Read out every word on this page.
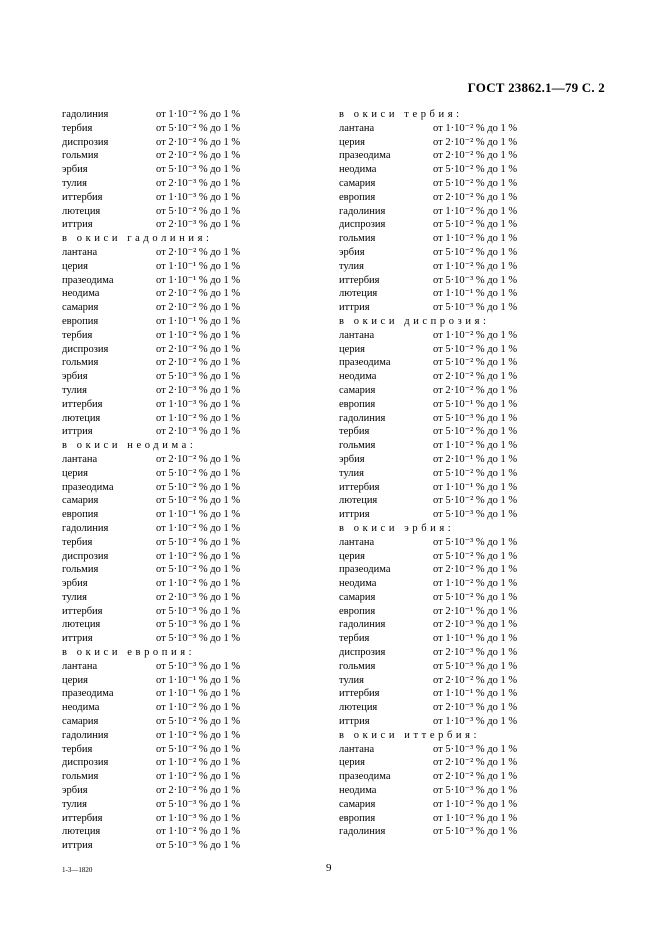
ГОСТ 23862.1—79 С. 2
гадолиния	от 1·10⁻² % до 1 %
тербия	от 5·10⁻² % до 1 %
диспрозия	от 2·10⁻² % до 1 %
гольмия	от 2·10⁻² % до 1 %
эрбия	от 5·10⁻³ % до 1 %
тулия	от 2·10⁻³ % до 1 %
иттербия	от 1·10⁻³ % до 1 %
лютеция	от 5·10⁻² % до 1 %
иттрия	от 2·10⁻³ % до 1 %
в окиси гадолиния:
лантана	от 2·10⁻² % до 1 %
церия	от 1·10⁻¹ % до 1 %
празеодима	от 1·10⁻¹ % до 1 %
неодима	от 2·10⁻² % до 1 %
самария	от 2·10⁻² % до 1 %
европия	от 1·10⁻¹ % до 1 %
тербия	от 1·10⁻² % до 1 %
диспрозия	от 2·10⁻² % до 1 %
гольмия	от 2·10⁻² % до 1 %
эрбия	от 5·10⁻³ % до 1 %
тулия	от 2·10⁻³ % до 1 %
иттербия	от 1·10⁻³ % до 1 %
лютеция	от 1·10⁻² % до 1 %
иттрия	от 2·10⁻³ % до 1 %
в окиси неодима:
лантана	от 2·10⁻² % до 1 %
церия	от 5·10⁻² % до 1 %
празеодима	от 5·10⁻² % до 1 %
самария	от 5·10⁻² % до 1 %
европия	от 1·10⁻¹ % до 1 %
гадолиния	от 1·10⁻² % до 1 %
тербия	от 5·10⁻² % до 1 %
диспрозия	от 1·10⁻² % до 1 %
гольмия	от 5·10⁻² % до 1 %
эрбия	от 1·10⁻² % до 1 %
тулия	от 2·10⁻³ % до 1 %
иттербия	от 5·10⁻³ % до 1 %
лютеция	от 5·10⁻³ % до 1 %
иттрия	от 5·10⁻³ % до 1 %
в окиси европия:
лантана	от 5·10⁻³ % до 1 %
церия	от 1·10⁻¹ % до 1 %
празеодима	от 1·10⁻¹ % до 1 %
неодима	от 1·10⁻² % до 1 %
самария	от 5·10⁻² % до 1 %
гадолиния	от 1·10⁻² % до 1 %
тербия	от 5·10⁻² % до 1 %
диспрозия	от 1·10⁻² % до 1 %
гольмия	от 1·10⁻² % до 1 %
эрбия	от 2·10⁻² % до 1 %
тулия	от 5·10⁻³ % до 1 %
иттербия	от 1·10⁻³ % до 1 %
лютеция	от 1·10⁻² % до 1 %
иттрия	от 5·10⁻³ % до 1 %
в окиси тербия:
лантана	от 1·10⁻² % до 1 %
церия	от 2·10⁻² % до 1 %
празеодима	от 2·10⁻² % до 1 %
неодима	от 5·10⁻² % до 1 %
самария	от 5·10⁻² % до 1 %
европия	от 2·10⁻² % до 1 %
гадолиния	от 1·10⁻² % до 1 %
диспрозия	от 5·10⁻² % до 1 %
гольмия	от 1·10⁻² % до 1 %
эрбия	от 5·10⁻² % до 1 %
тулия	от 1·10⁻² % до 1 %
иттербия	от 5·10⁻³ % до 1 %
лютеция	от 1·10⁻¹ % до 1 %
иттрия	от 5·10⁻³ % до 1 %
в окиси диспрозия:
лантана	от 1·10⁻² % до 1 %
церия	от 5·10⁻² % до 1 %
празеодима	от 5·10⁻² % до 1 %
неодима	от 2·10⁻² % до 1 %
самария	от 2·10⁻² % до 1 %
европия	от 5·10⁻¹ % до 1 %
гадолиния	от 5·10⁻³ % до 1 %
тербия	от 5·10⁻² % до 1 %
гольмия	от 1·10⁻² % до 1 %
эрбия	от 2·10⁻¹ % до 1 %
тулия	от 5·10⁻² % до 1 %
иттербия	от 1·10⁻¹ % до 1 %
лютеция	от 5·10⁻² % до 1 %
иттрия	от 5·10⁻³ % до 1 %
в окиси эрбия:
лантана	от 5·10⁻³ % до 1 %
церия	от 5·10⁻² % до 1 %
празеодима	от 2·10⁻² % до 1 %
неодима	от 1·10⁻² % до 1 %
самария	от 5·10⁻² % до 1 %
европия	от 2·10⁻¹ % до 1 %
гадолиния	от 2·10⁻³ % до 1 %
тербия	от 1·10⁻¹ % до 1 %
диспрозия	от 2·10⁻³ % до 1 %
гольмия	от 5·10⁻³ % до 1 %
тулия	от 2·10⁻² % до 1 %
иттербия	от 1·10⁻¹ % до 1 %
лютеция	от 2·10⁻³ % до 1 %
иттрия	от 1·10⁻³ % до 1 %
в окиси иттербия:
лантана	от 5·10⁻³ % до 1 %
церия	от 2·10⁻² % до 1 %
празеодима	от 2·10⁻² % до 1 %
неодима	от 5·10⁻³ % до 1 %
самария	от 1·10⁻² % до 1 %
европия	от 1·10⁻² % до 1 %
гадолиния	от 5·10⁻³ % до 1 %
1-3—1820	9
